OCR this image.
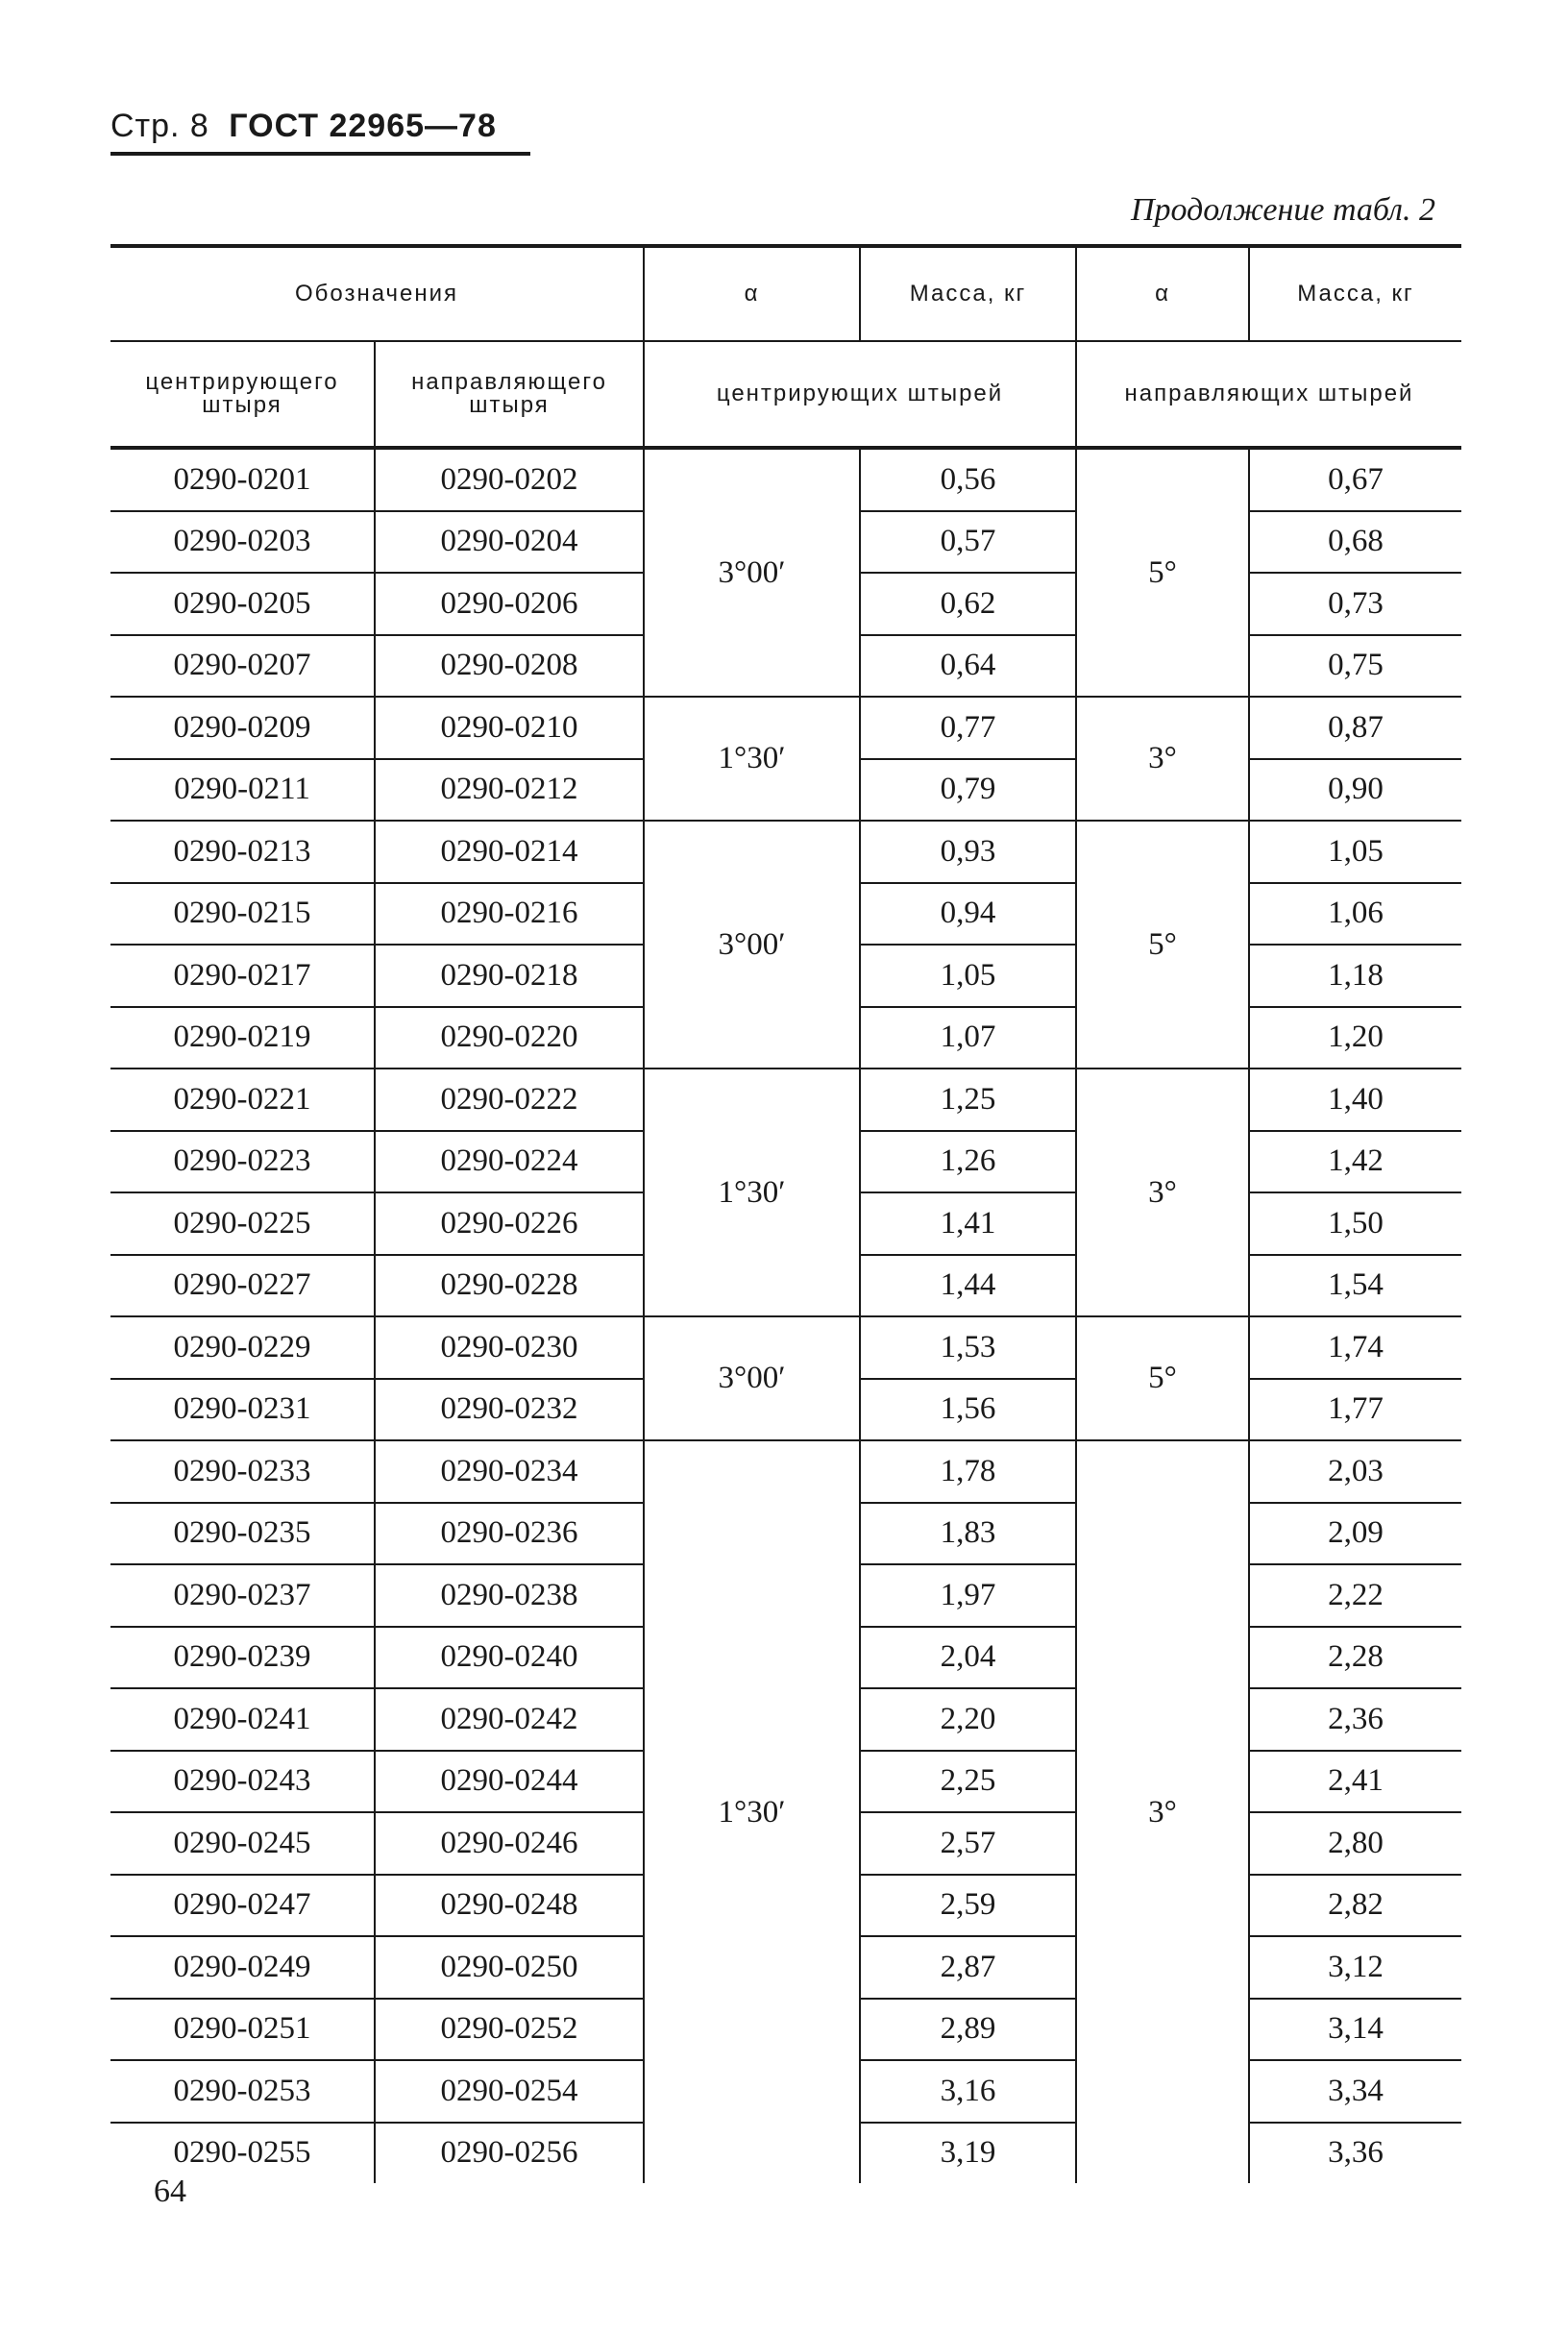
Стр. 8 ГОСТ 22965—78
Продолжение табл. 2
Обозначения		α	Масса, кг	α	Масса, кг
центрирующего штыря	направляющего штыря	центрирующих штырей		направляющих штырей	
0290-0201	0290-0202	3°00′	0,56	5°	0,67
0290-0203	0290-0204		0,57		0,68
0290-0205	0290-0206		0,62		0,73
0290-0207	0290-0208		0,64		0,75
0290-0209	0290-0210	1°30′	0,77	3°	0,87
0290-0211	0290-0212		0,79		0,90
0290-0213	0290-0214	3°00′	0,93	5°	1,05
0290-0215	0290-0216		0,94		1,06
0290-0217	0290-0218		1,05		1,18
0290-0219	0290-0220		1,07		1,20
0290-0221	0290-0222	1°30′	1,25	3°	1,40
0290-0223	0290-0224		1,26		1,42
0290-0225	0290-0226		1,41		1,50
0290-0227	0290-0228		1,44		1,54
0290-0229	0290-0230	3°00′	1,53	5°	1,74
0290-0231	0290-0232		1,56		1,77
0290-0233	0290-0234	1°30′	1,78	3°	2,03
0290-0235	0290-0236		1,83		2,09
0290-0237	0290-0238		1,97		2,22
0290-0239	0290-0240		2,04		2,28
0290-0241	0290-0242		2,20		2,36
0290-0243	0290-0244		2,25		2,41
0290-0245	0290-0246		2,57		2,80
0290-0247	0290-0248		2,59		2,82
0290-0249	0290-0250		2,87		3,12
0290-0251	0290-0252		2,89		3,14
0290-0253	0290-0254		3,16		3,34
0290-0255	0290-0256		3,19		3,36
64
